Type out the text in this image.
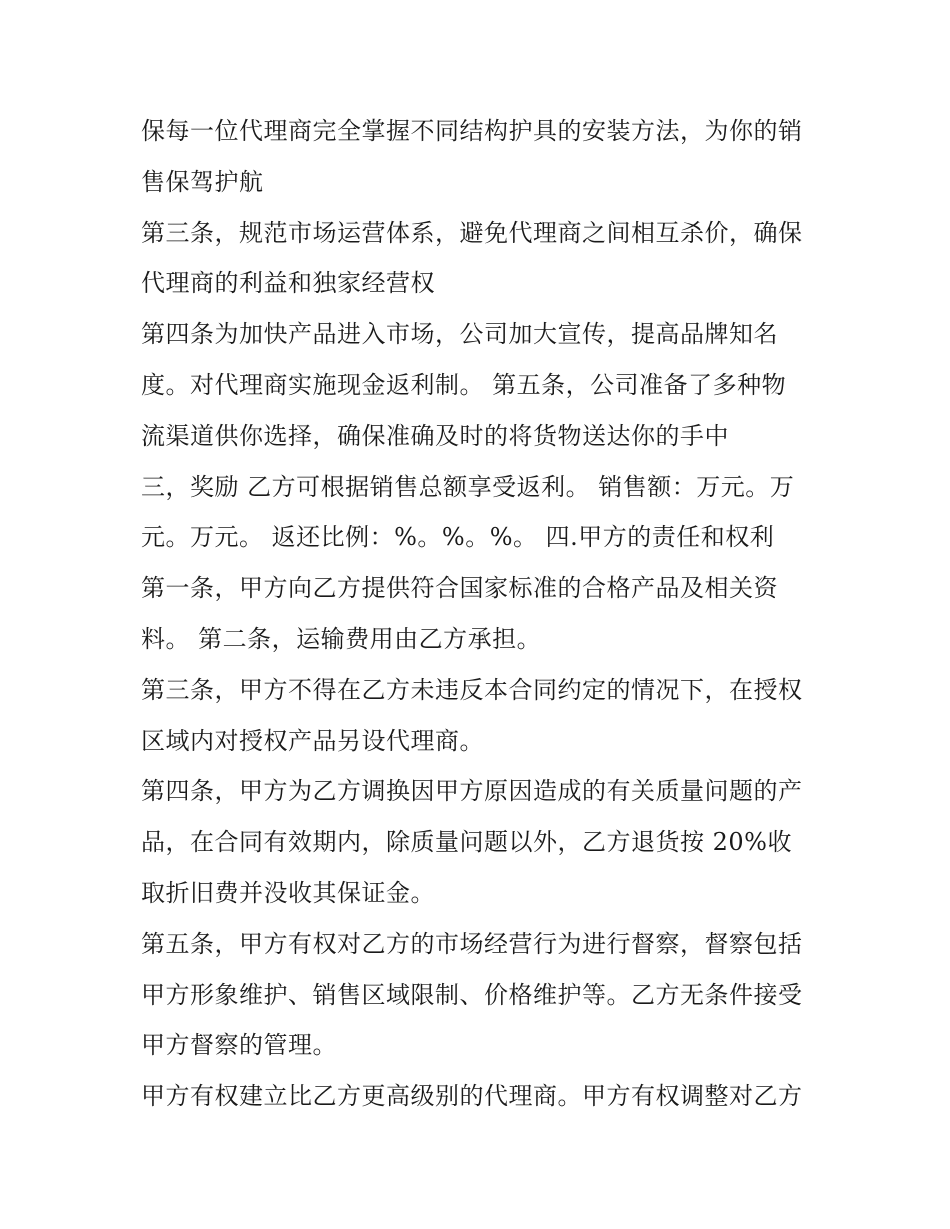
保每一位代理商完全掌握不同结构护具的安装方法，为你的销
售保驾护航
第三条，规范市场运营体系，避免代理商之间相互杀价，确保
代理商的利益和独家经营权
第四条为加快产品进入市场，公司加大宣传，提高品牌知名
度。对代理商实施现金返利制。 第五条，公司准备了多种物
流渠道供你选择，确保准确及时的将货物送达你的手中
三，奖励 乙方可根据销售总额享受返利。 销售额：万元。万
元。万元。 返还比例：%。%。%。 四.甲方的责任和权利
第一条，甲方向乙方提供符合国家标准的合格产品及相关资
料。 第二条，运输费用由乙方承担。
第三条，甲方不得在乙方未违反本合同约定的情况下，在授权
区域内对授权产品另设代理商。
第四条，甲方为乙方调换因甲方原因造成的有关质量问题的产
品，在合同有效期内，除质量问题以外，乙方退货按 20%收
取折旧费并没收其保证金。
第五条，甲方有权对乙方的市场经营行为进行督察，督察包括
甲方形象维护、销售区域限制、价格维护等。乙方无条件接受
甲方督察的管理。
甲方有权建立比乙方更高级别的代理商。甲方有权调整对乙方
